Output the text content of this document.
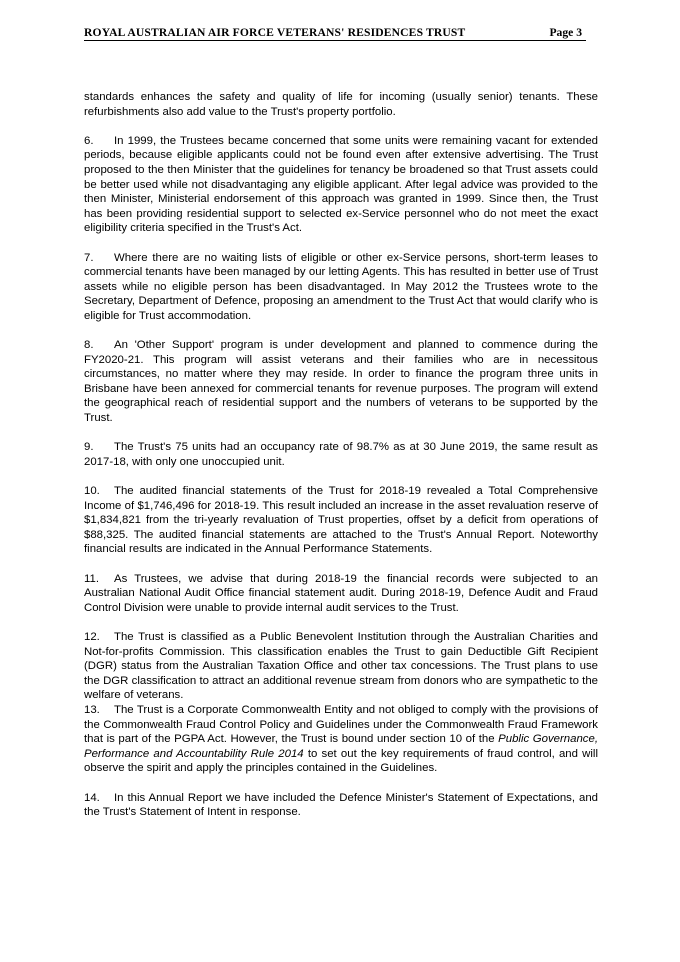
ROYAL AUSTRALIAN AIR FORCE VETERANS' RESIDENCES TRUST	Page 3

standards enhances the safety and quality of life for incoming (usually senior) tenants. These refurbishments also add value to the Trust's property portfolio.

6. In 1999, the Trustees became concerned that some units were remaining vacant for extended periods, because eligible applicants could not be found even after extensive advertising. The Trust proposed to the then Minister that the guidelines for tenancy be broadened so that Trust assets could be better used while not disadvantaging any eligible applicant. After legal advice was provided to the then Minister, Ministerial endorsement of this approach was granted in 1999. Since then, the Trust has been providing residential support to selected ex-Service personnel who do not meet the exact eligibility criteria specified in the Trust's Act.

7. Where there are no waiting lists of eligible or other ex-Service persons, short-term leases to commercial tenants have been managed by our letting Agents. This has resulted in better use of Trust assets while no eligible person has been disadvantaged. In May 2012 the Trustees wrote to the Secretary, Department of Defence, proposing an amendment to the Trust Act that would clarify who is eligible for Trust accommodation.

8. An 'Other Support' program is under development and planned to commence during the FY2020-21. This program will assist veterans and their families who are in necessitous circumstances, no matter where they may reside. In order to finance the program three units in Brisbane have been annexed for commercial tenants for revenue purposes. The program will extend the geographical reach of residential support and the numbers of veterans to be supported by the Trust.

9. The Trust's 75 units had an occupancy rate of 98.7% as at 30 June 2019, the same result as 2017-18, with only one unoccupied unit.

10. The audited financial statements of the Trust for 2018-19 revealed a Total Comprehensive Income of $1,746,496 for 2018-19. This result included an increase in the asset revaluation reserve of $1,834,821 from the tri-yearly revaluation of Trust properties, offset by a deficit from operations of $88,325. The audited financial statements are attached to the Trust's Annual Report. Noteworthy financial results are indicated in the Annual Performance Statements.

11. As Trustees, we advise that during 2018-19 the financial records were subjected to an Australian National Audit Office financial statement audit. During 2018-19, Defence Audit and Fraud Control Division were unable to provide internal audit services to the Trust.

12. The Trust is classified as a Public Benevolent Institution through the Australian Charities and Not-for-profits Commission. This classification enables the Trust to gain Deductible Gift Recipient (DGR) status from the Australian Taxation Office and other tax concessions. The Trust plans to use the DGR classification to attract an additional revenue stream from donors who are sympathetic to the welfare of veterans.

13. The Trust is a Corporate Commonwealth Entity and not obliged to comply with the provisions of the Commonwealth Fraud Control Policy and Guidelines under the Commonwealth Fraud Framework that is part of the PGPA Act. However, the Trust is bound under section 10 of the Public Governance, Performance and Accountability Rule 2014 to set out the key requirements of fraud control, and will observe the spirit and apply the principles contained in the Guidelines.

14. In this Annual Report we have included the Defence Minister's Statement of Expectations, and the Trust's Statement of Intent in response.
